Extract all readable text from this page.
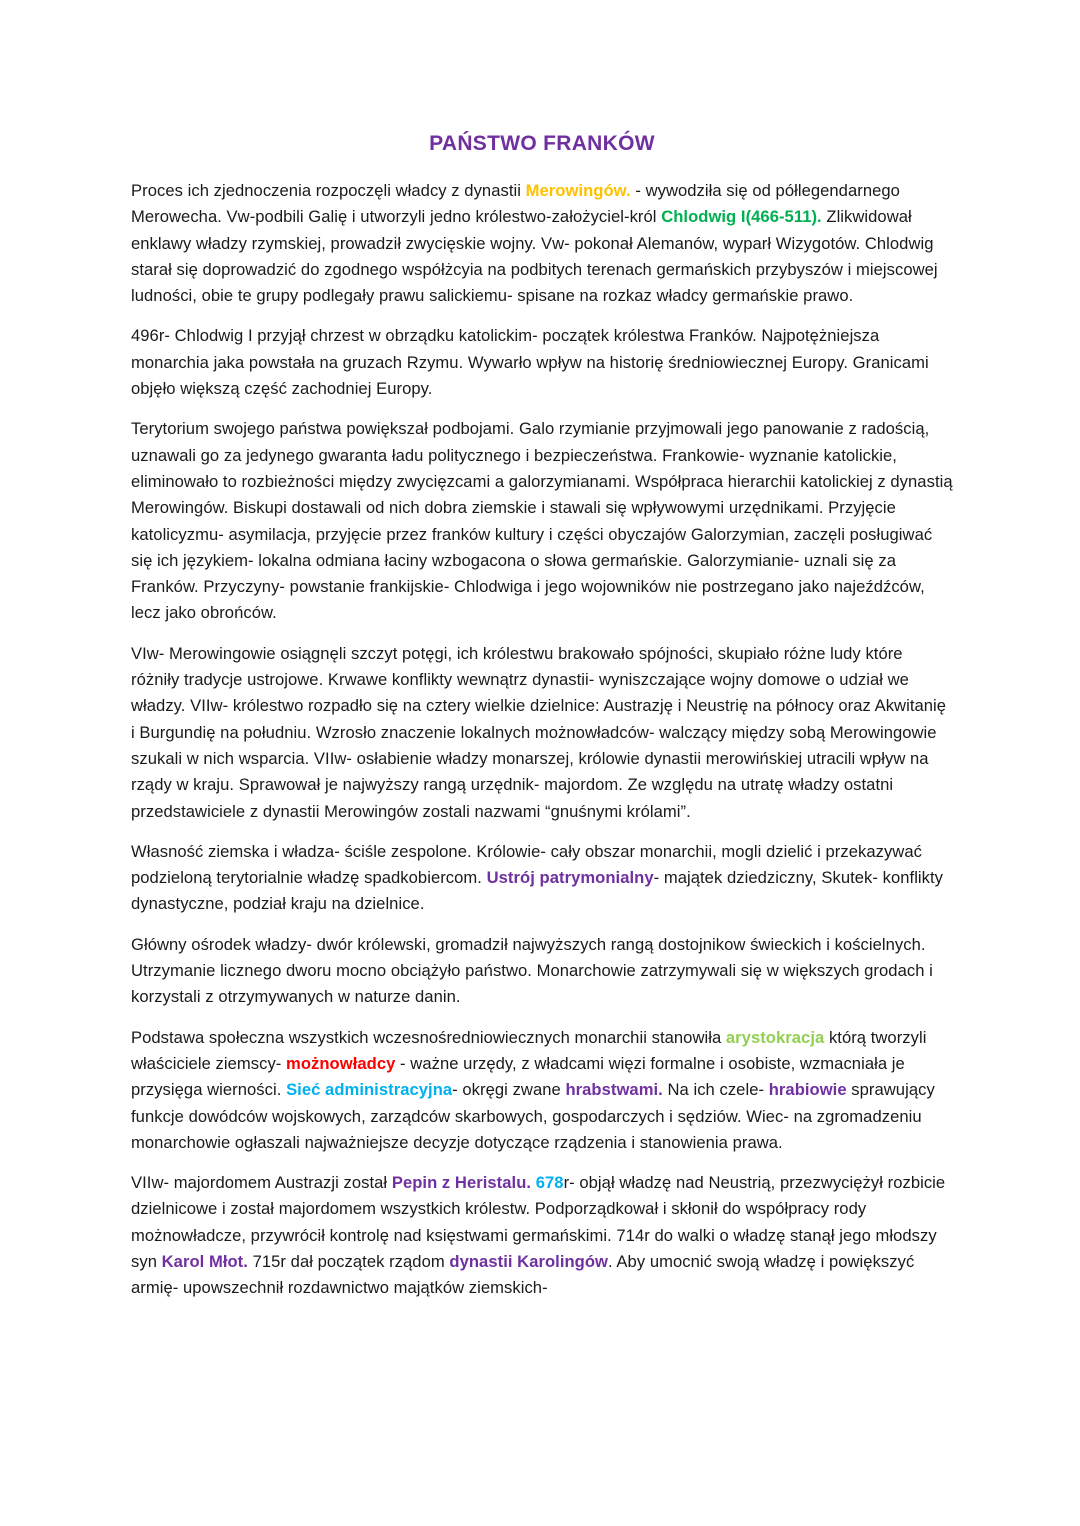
PAŃSTWO FRANKÓW

Proces ich zjednoczenia rozpoczęli władcy z dynastii Merowingów. - wywodziła się od półlegendarnego Merowecha. Vw-podbili Galię i utworzyli jedno królestwo-założyciel-król Chlodwig I(466-511). Zlikwidował enklawy władzy rzymskiej, prowadził zwycięskie wojny. Vw- pokonał Alemanów, wyparł Wizygotów. Chlodwig starał się doprowadzić do zgodnego współżcyia na podbitych terenach germańskich przybyszów i miejscowej ludności, obie te grupy podlegały prawu salickiemu- spisane na rozkaz władcy germańskie prawo.

496r- Chlodwig I przyjął chrzest w obrządku katolickim- początek królestwa Franków. Najpotężniejsza monarchia jaka powstała na gruzach Rzymu. Wywarło wpływ na historię średniowiecznej Europy. Granicami objęło większą część zachodniej Europy.

Terytorium swojego państwa powiększał podbojami. Galo rzymianie przyjmowali jego panowanie z radością, uznawali go za jedynego gwaranta ładu politycznego i bezpieczeństwa. Frankowie- wyznanie katolickie, eliminowało to rozbieżności między zwycięzcami a galorzymianami. Współpraca hierarchii katolickiej z dynastią Merowingów. Biskupi dostawali od nich dobra ziemskie i stawali się wpływowymi urzędnikami. Przyjęcie katolicyzmu- asymilacja, przyjęcie przez franków kultury i części obyczajów Galorzymian, zaczęli posługiwać się ich językiem- lokalna odmiana łaciny wzbogacona o słowa germańskie. Galorzymianie- uznali się za Franków. Przyczyny- powstanie frankijskie- Chlodwiga i jego wojowników nie postrzegano jako najeźdźców, lecz jako obrońców.

VIw- Merowingowie osiągnęli szczyt potęgi, ich królestwu brakowało spójności, skupiało różne ludy które różniły tradycje ustrojowe. Krwawe konflikty wewnątrz dynastii- wyniszczające wojny domowe o udział we władzy. VIIw- królestwo rozpadło się na cztery wielkie dzielnice: Austrazję i Neustrię na północy oraz Akwitanię i Burgundię na południu. Wzrosło znaczenie lokalnych możnowładców- walczący między sobą Merowingowie szukali w nich wsparcia. VIIw- osłabienie władzy monarszej, królowie dynastii merowińskiej utracili wpływ na rządy w kraju. Sprawował je najwyższy rangą urzędnik- majordom. Ze względu na utratę władzy ostatni przedstawiciele z dynastii Merowingów zostali nazwami “gnuśnymi królami”.

Własność ziemska i władza- ściśle zespolone. Królowie- cały obszar monarchii, mogli dzielić i przekazywać podzieloną terytorialnie władzę spadkobiercom. Ustrój patrymonialny- majątek dziedziczny, Skutek- konflikty dynastyczne, podział kraju na dzielnice.

Główny ośrodek władzy- dwór królewski, gromadził najwyższych rangą dostojnikow świeckich i kościelnych. Utrzymanie licznego dworu mocno obciążyło państwo. Monarchowie zatrzymywali się w większych grodach i korzystali z otrzymywanych w naturze danin.

Podstawa społeczna wszystkich wczesnośredniowiecznych monarchii stanowiła arystokracja którą tworzyli właściciele ziemscy- możnowładcy - ważne urzędy, z władcami więzi formalne i osobiste, wzmacniała je przysięga wierności. Sieć administracyjna- okręgi zwane hrabstwami. Na ich czele- hrabiowie sprawujący funkcje dowódców wojskowych, zarządców skarbowych, gospodarczych i sędziów. Wiec- na zgromadzeniu monarchowie ogłaszali najważniejsze decyzje dotyczące rządzenia i stanowienia prawa.

VIIw- majordomem Austrazji został Pepin z Heristalu. 678r- objął władzę nad Neustrią, przezwyciężył rozbicie dzielnicowe i został majordomem wszystkich królestw. Podporządkował i skłonił do współpracy rody możnowładcze, przywrócił kontrolę nad księstwami germańskimi. 714r do walki o władzę stanął jego młodszy syn Karol Młot. 715r dał początek rządom dynastii Karolingów. Aby umocnić swoją władzę i powiększyć armię- upowszechnił rozdawnictwo majątków ziemskich-
